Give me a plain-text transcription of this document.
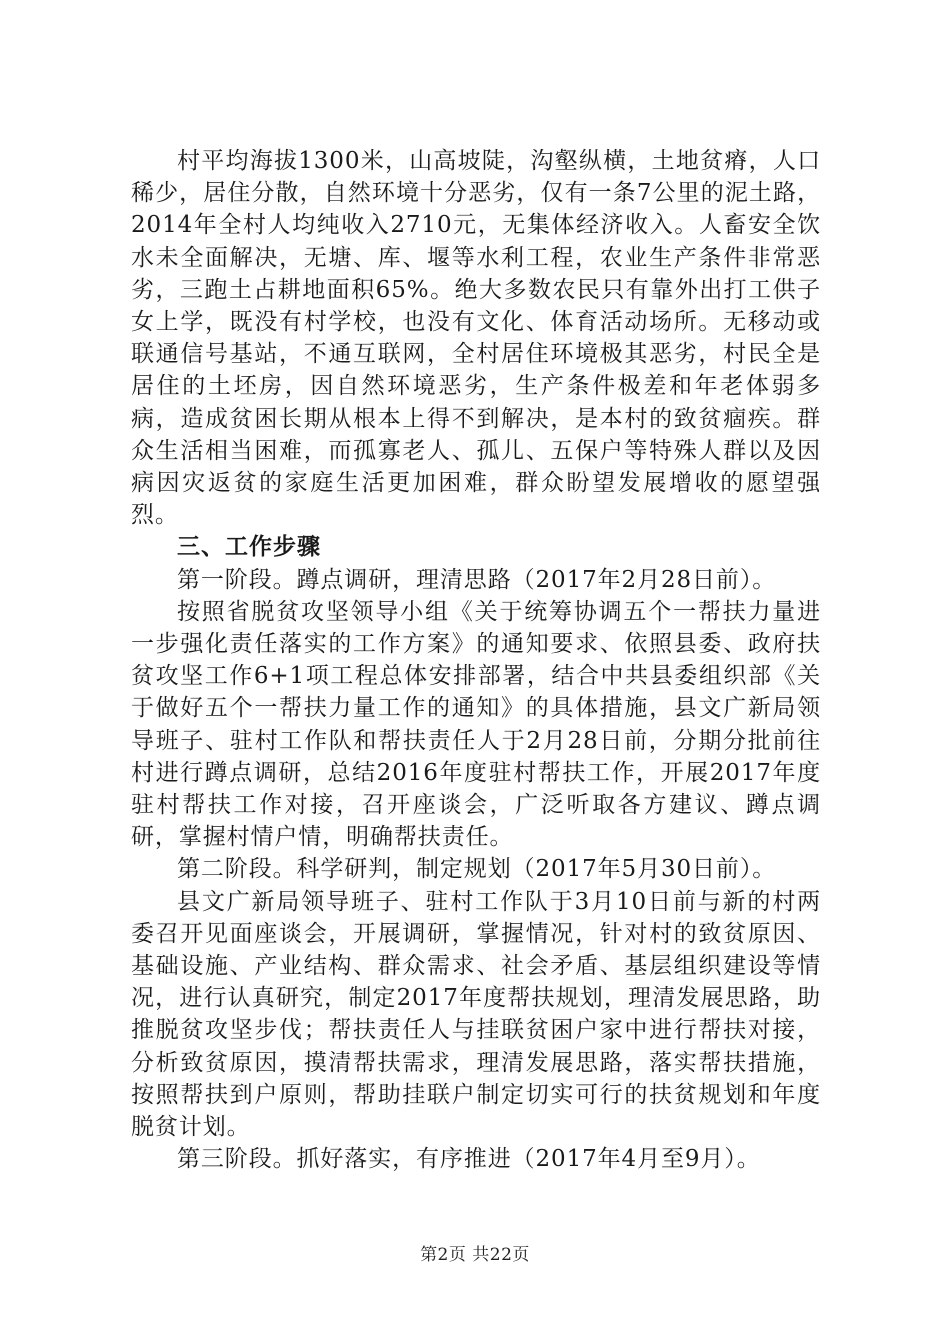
村平均海拔1300米，山高坡陡，沟壑纵横，土地贫瘠，人口稀少，居住分散，自然环境十分恶劣，仅有一条7公里的泥土路，2014年全村人均纯收入2710元，无集体经济收入。人畜安全饮水未全面解决，无塘、库、堰等水利工程，农业生产条件非常恶劣，三跑土占耕地面积65%。绝大多数农民只有靠外出打工供子女上学，既没有村学校，也没有文化、体育活动场所。无移动或联通信号基站，不通互联网，全村居住环境极其恶劣，村民全是居住的土坯房，因自然环境恶劣，生产条件极差和年老体弱多病，造成贫困长期从根本上得不到解决，是本村的致贫痼疾。群众生活相当困难，而孤寡老人、孤儿、五保户等特殊人群以及因病因灾返贫的家庭生活更加困难，群众盼望发展增收的愿望强烈。

三、工作步骤

第一阶段。蹲点调研，理清思路（2017年2月28日前）。

按照省脱贫攻坚领导小组《关于统筹协调五个一帮扶力量进一步强化责任落实的工作方案》的通知要求、依照县委、政府扶贫攻坚工作6+1项工程总体安排部署，结合中共县委组织部《关于做好五个一帮扶力量工作的通知》的具体措施，县文广新局领导班子、驻村工作队和帮扶责任人于2月28日前，分期分批前往村进行蹲点调研，总结2016年度驻村帮扶工作，开展2017年度驻村帮扶工作对接，召开座谈会，广泛听取各方建议、蹲点调研，掌握村情户情，明确帮扶责任。

第二阶段。科学研判，制定规划（2017年5月30日前）。

县文广新局领导班子、驻村工作队于3月10日前与新的村两委召开见面座谈会，开展调研，掌握情况，针对村的致贫原因、基础设施、产业结构、群众需求、社会矛盾、基层组织建设等情况，进行认真研究，制定2017年度帮扶规划，理清发展思路，助推脱贫攻坚步伐；帮扶责任人与挂联贫困户家中进行帮扶对接，分析致贫原因，摸清帮扶需求，理清发展思路，落实帮扶措施，按照帮扶到户原则，帮助挂联户制定切实可行的扶贫规划和年度脱贫计划。

第三阶段。抓好落实，有序推进（2017年4月至9月）。

第2页 共22页
